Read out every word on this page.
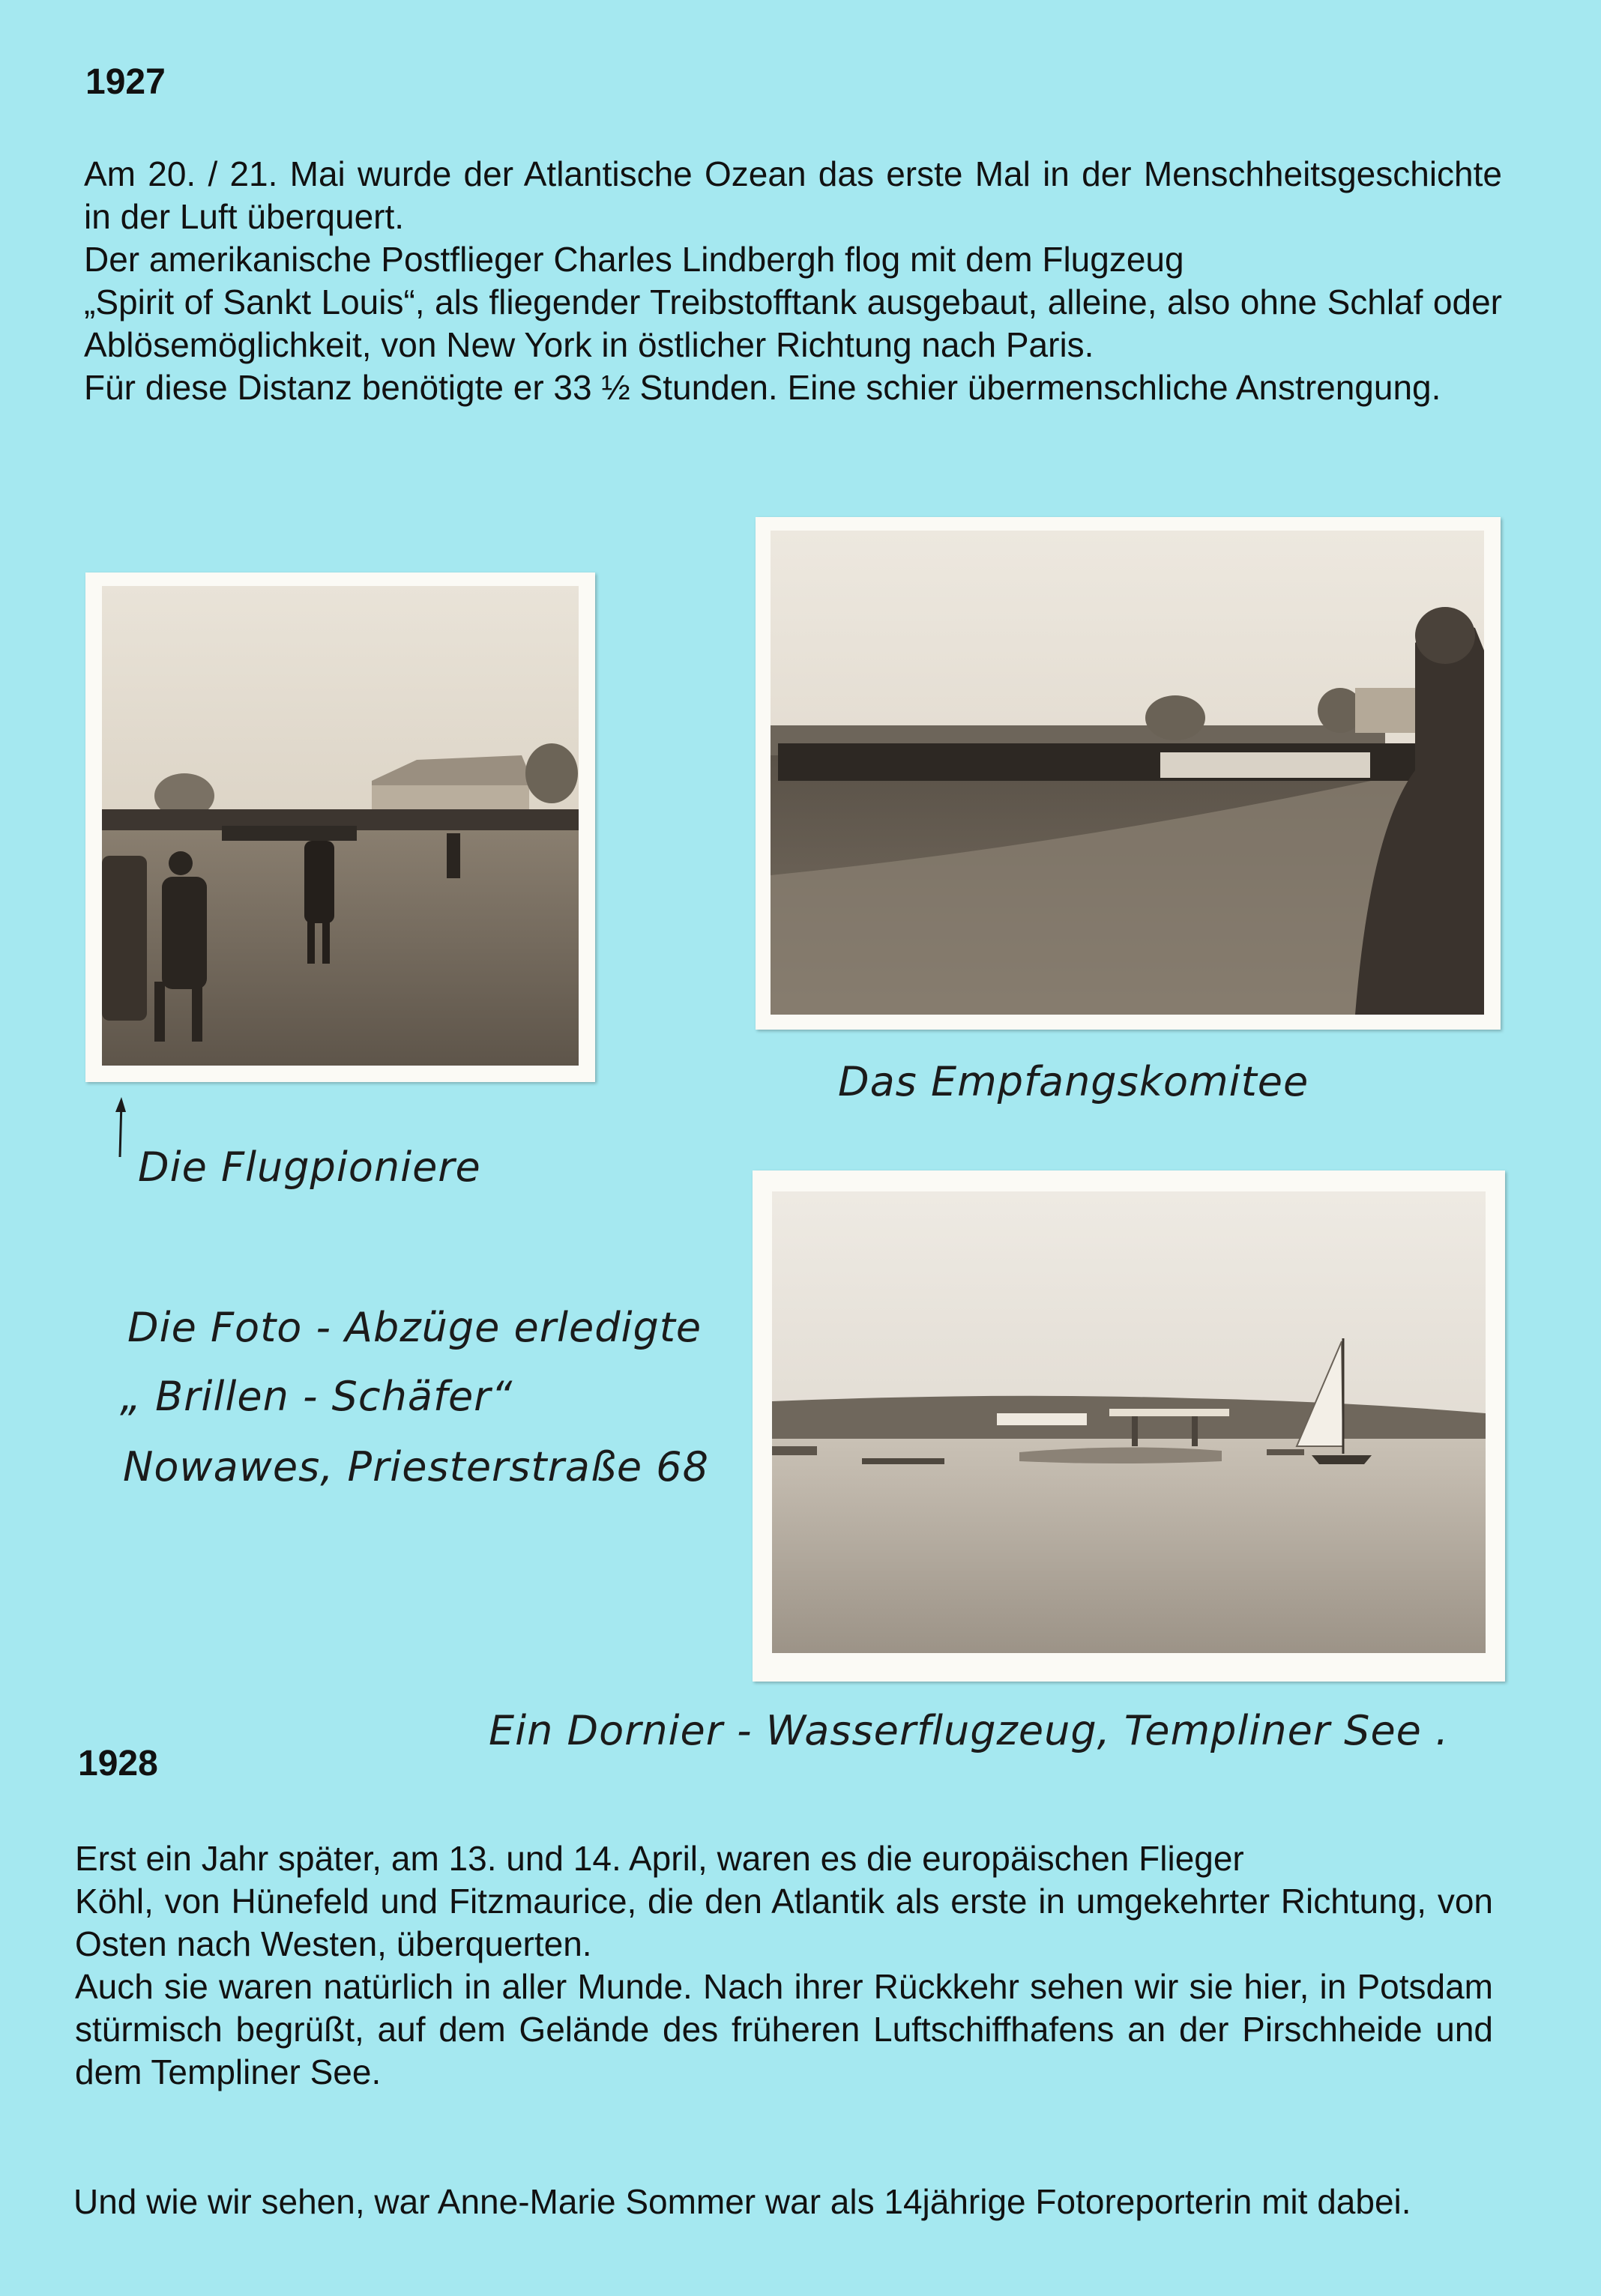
1927

Am 20. / 21. Mai wurde der Atlantische Ozean das erste Mal in der Menschheitsgeschichte in der Luft überquert.

Der amerikanische Postflieger Charles Lindbergh flog mit dem Flugzeug

„Spirit of Sankt Louis“, als fliegender Treibstofftank ausgebaut, alleine, also ohne Schlaf oder Ablösemöglichkeit, von New York in östlicher Richtung nach Paris.

Für diese Distanz benötigte er 33 ½ Stunden. Eine schier übermenschliche Anstrengung.

Die Flugpioniere
Das Empfangskomitee
Die Foto - Abzüge erledigte
„ Brillen - Schäfer“
Nowawes, Priesterstraße 68
Ein Dornier - Wasserflugzeug, Templiner See .
1928

Erst ein Jahr später, am 13. und 14. April, waren es die europäischen Flieger

Köhl, von Hünefeld und Fitzmaurice, die den Atlantik als erste in umgekehrter Richtung, von Osten nach Westen, überquerten.

Auch sie waren natürlich in aller Munde. Nach ihrer Rückkehr sehen wir sie hier, in Potsdam stürmisch begrüßt, auf dem Gelände des früheren Luftschiffhafens an der Pirschheide und dem Templiner See.

Und wie wir sehen, war Anne-Marie Sommer war als 14jährige Fotoreporterin mit dabei.
